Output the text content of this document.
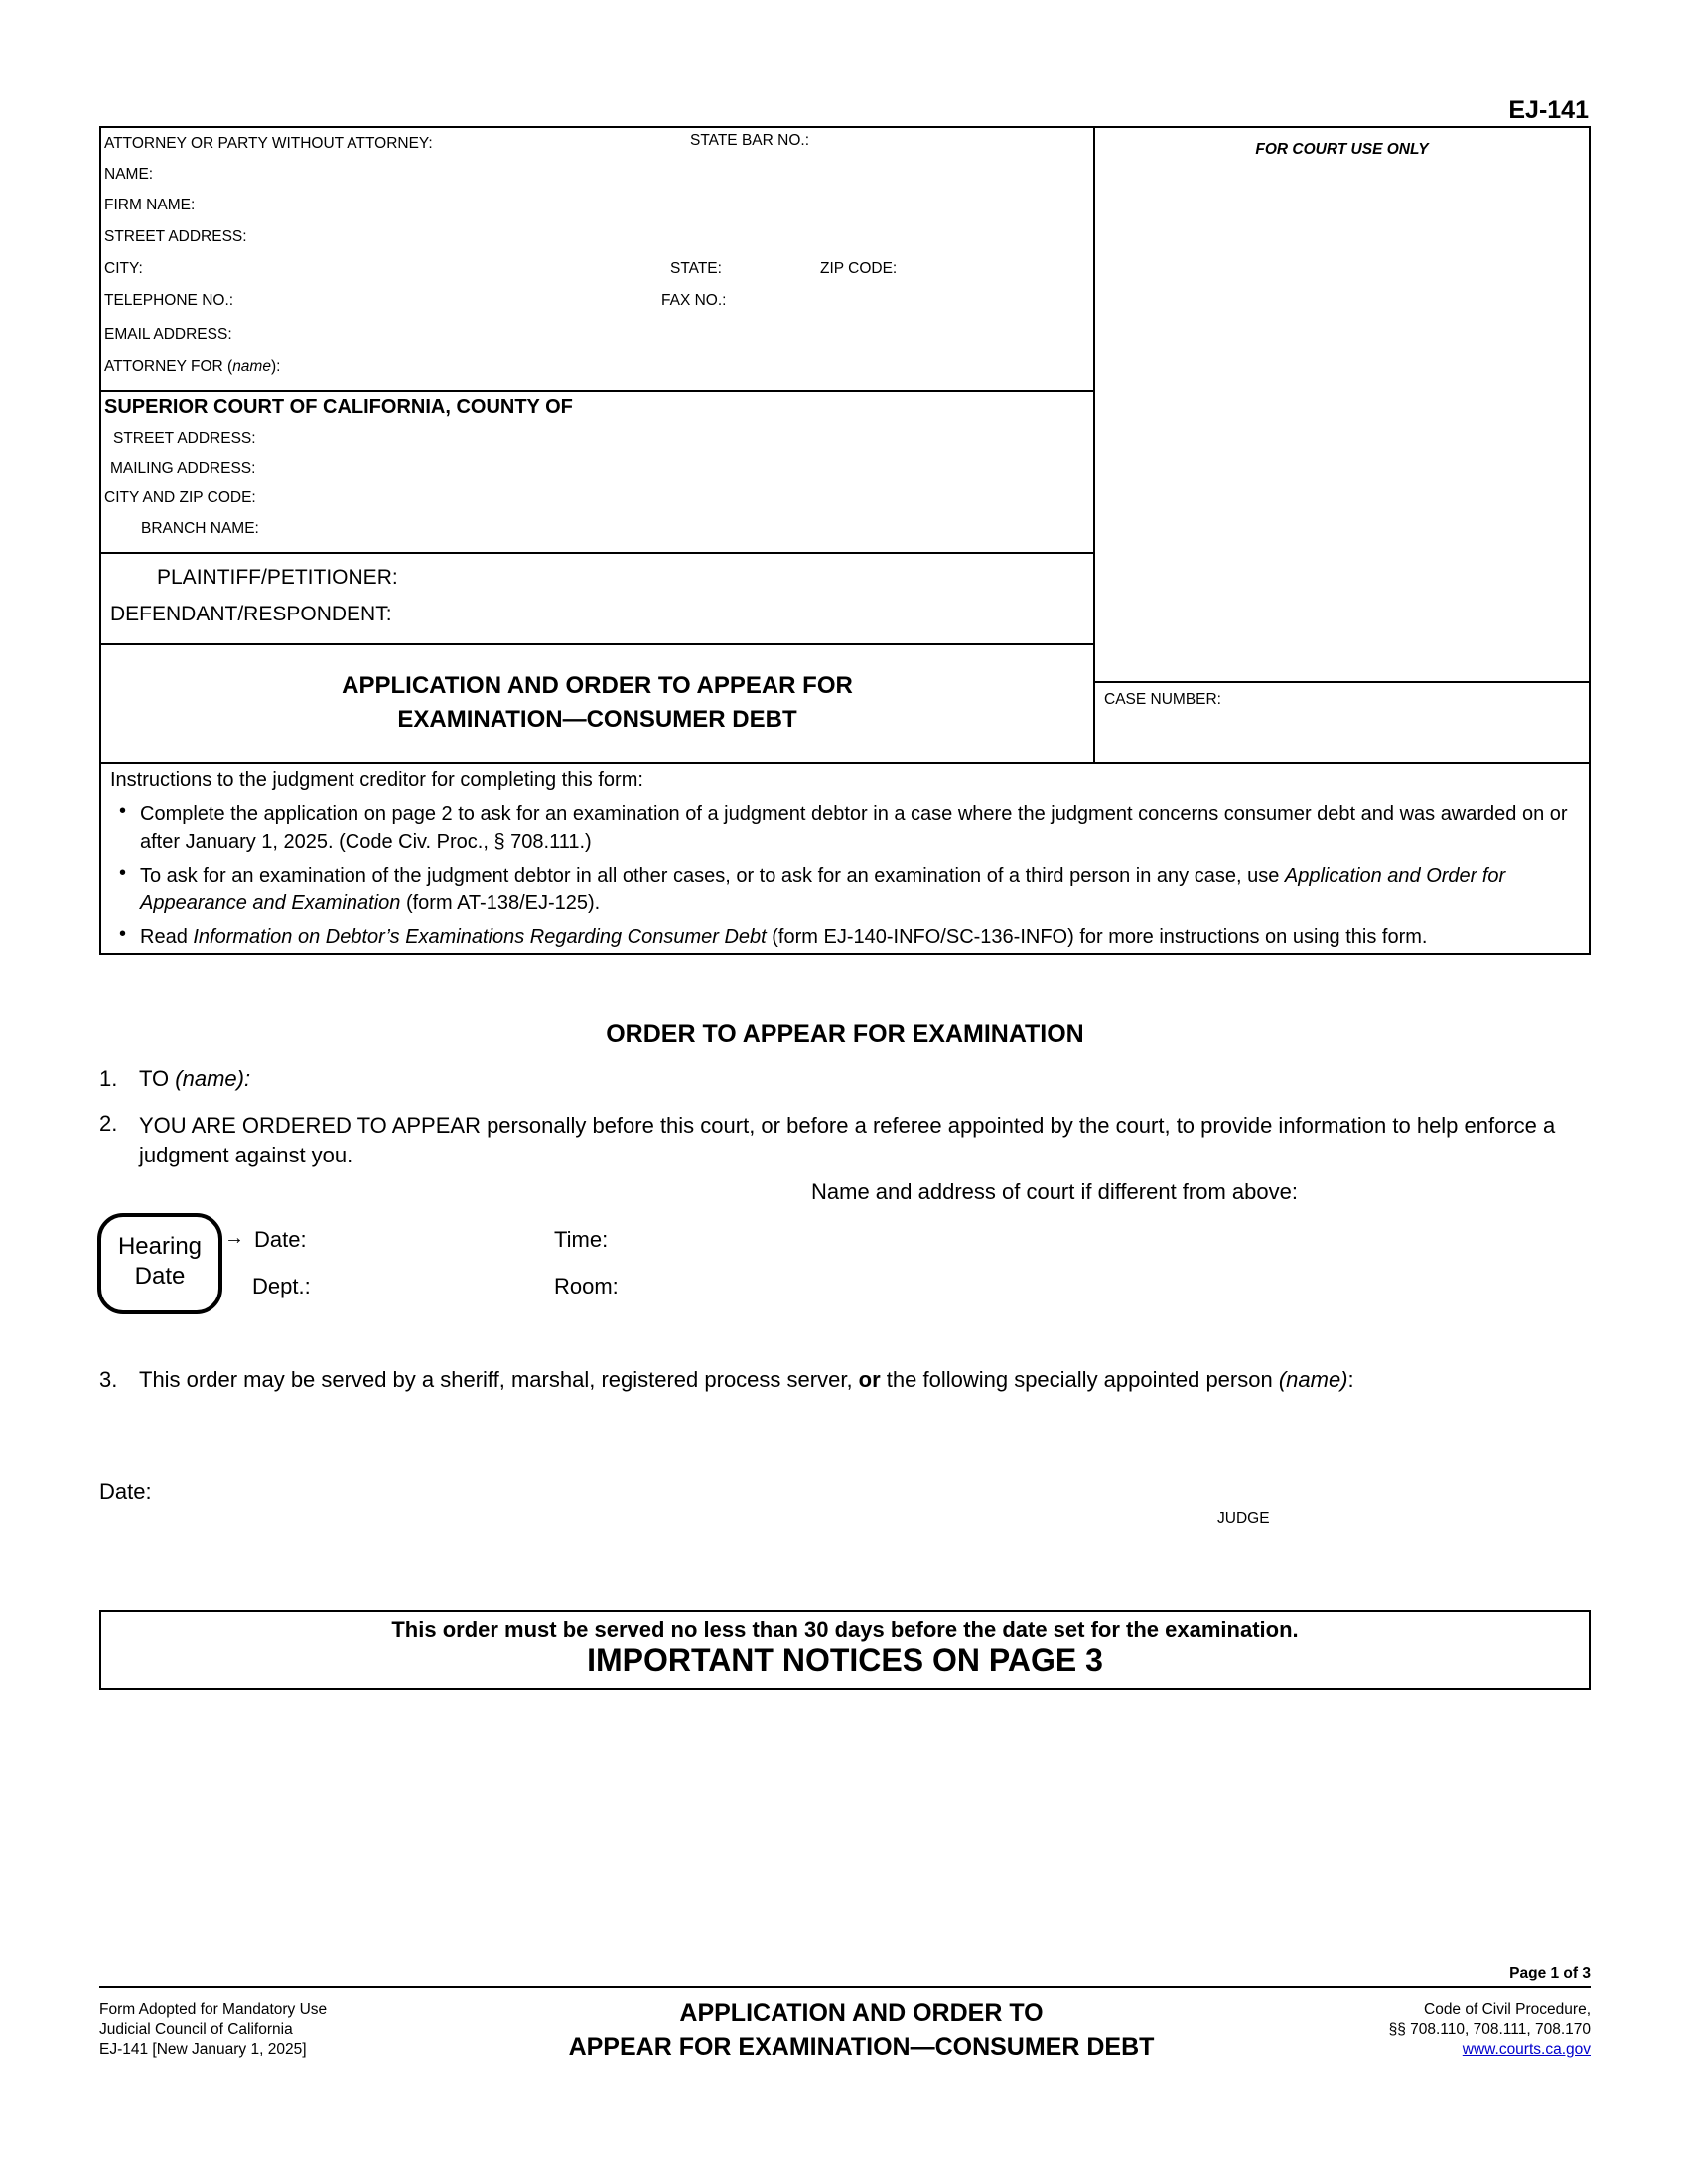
EJ-141
ATTORNEY OR PARTY WITHOUT ATTORNEY:	STATE BAR NO.:
NAME:
FIRM NAME:
STREET ADDRESS:
CITY:	STATE:	ZIP CODE:
TELEPHONE NO.:	FAX NO.:
EMAIL ADDRESS:
ATTORNEY FOR (name):
FOR COURT USE ONLY
SUPERIOR COURT OF CALIFORNIA, COUNTY OF
STREET ADDRESS:
MAILING ADDRESS:
CITY AND ZIP CODE:
BRANCH NAME:
PLAINTIFF/PETITIONER:
DEFENDANT/RESPONDENT:
APPLICATION AND ORDER TO APPEAR FOR
EXAMINATION—CONSUMER DEBT
CASE NUMBER:
Instructions to the judgment creditor for completing this form:
• Complete the application on page 2 to ask for an examination of a judgment debtor in a case where the judgment concerns consumer debt and was awarded on or after January 1, 2025. (Code Civ. Proc., § 708.111.)
• To ask for an examination of the judgment debtor in all other cases, or to ask for an examination of a third person in any case, use Application and Order for Appearance and Examination (form AT-138/EJ-125).
• Read Information on Debtor’s Examinations Regarding Consumer Debt (form EJ-140-INFO/SC-136-INFO) for more instructions on using this form.
ORDER TO APPEAR FOR EXAMINATION
1. TO (name):
2. YOU ARE ORDERED TO APPEAR personally before this court, or before a referee appointed by the court, to provide information to help enforce a judgment against you.
Name and address of court if different from above:
Hearing
Date
→ Date:	Time:
Dept.:	Room:
3. This order may be served by a sheriff, marshal, registered process server, or the following specially appointed person (name):
Date:
JUDGE
This order must be served no less than 30 days before the date set for the examination.
IMPORTANT NOTICES ON PAGE 3
Page 1 of 3
Form Adopted for Mandatory Use
Judicial Council of California
EJ-141 [New January 1, 2025]
APPLICATION AND ORDER TO
APPEAR FOR EXAMINATION—CONSUMER DEBT
Code of Civil Procedure,
§§ 708.110, 708.111, 708.170
www.courts.ca.gov
